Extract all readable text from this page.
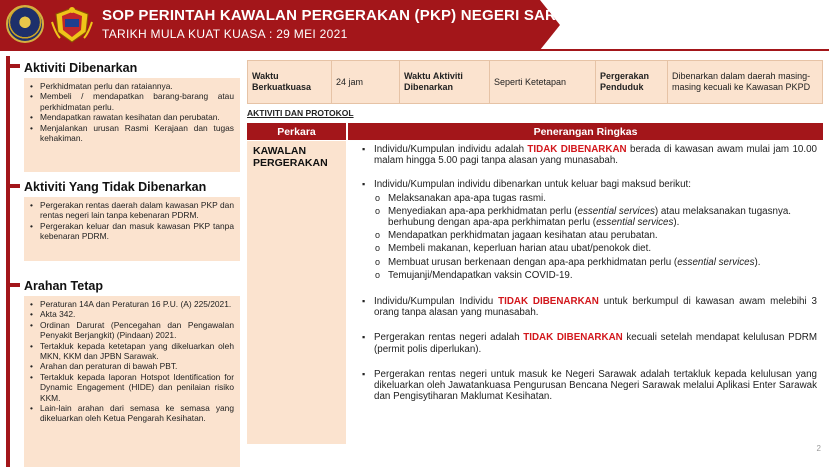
SOP PERINTAH KAWALAN PERGERAKAN (PKP) NEGERI SARAWAK
TARIKH MULA KUAT KUASA : 29 MEI 2021
Aktiviti Dibenarkan
• Perkhidmatan perlu dan rataiannya.
• Membeli / mendapatkan barang-barang atau perkhidmatan perlu.
• Mendapatkan rawatan kesihatan dan perubatan.
• Menjalankan urusan Rasmi Kerajaan dan tugas kehakiman.
Aktiviti Yang Tidak Dibenarkan
• Pergerakan rentas daerah dalam kawasan PKP dan rentas negeri lain tanpa kebenaran PDRM.
• Pergerakan keluar dan masuk kawasan PKP tanpa kebenaran PDRM.
Arahan Tetap
• Peraturan 14A dan Peraturan 16 P.U. (A) 225/2021.
• Akta 342.
• Ordinan Darurat (Pencegahan dan Pengawalan Penyakit Berjangkit) (Pindaan) 2021.
• Tertakluk kepada ketetapan yang dikeluarkan oleh MKN, KKM dan JPBN Sarawak.
• Arahan dan peraturan di bawah PBT.
• Tertakluk kepada laporan Hotspot Identification for Dynamic Engagement (HIDE) dan penilaian risiko KKM.
• Lain-lain arahan dari semasa ke semasa yang dikeluarkan oleh Ketua Pengarah Kesihatan.
Waktu Berkuatkuasa
24 jam
Waktu Aktiviti Dibenarkan
Seperti Ketetapan
Pergerakan Penduduk
Dibenarkan dalam daerah masing-masing kecuali ke Kawasan PKPD
AKTIVITI DAN PROTOKOL
Perkara	Penerangan Ringkas
KAWALAN
PERGERAKAN
▪ Individu/Kumpulan individu adalah TIDAK DIBENARKAN berada di kawasan awam mulai jam 10.00 malam hingga 5.00 pagi tanpa alasan yang munasabah.
▪ Individu/Kumpulan individu dibenarkan untuk keluar bagi maksud berikut:
o Melaksanakan apa-apa tugas rasmi.
o Menyediakan apa-apa perkhidmatan perlu (essential services) atau melaksanakan tugasnya. berhubung dengan apa-apa perkhimatan perlu (essential services).
o Mendapatkan perkhidmatan jagaan kesihatan atau perubatan.
o Membeli makanan, keperluan harian atau ubat/penokok diet.
o Membuat urusan berkenaan dengan apa-apa perkhidmatan perlu (essential services).
o Temujanji/Mendapatkan vaksin COVID-19.
▪ Individu/Kumpulan Individu TIDAK DIBENARKAN untuk berkumpul di kawasan awam melebihi 3 orang tanpa alasan yang munasabah.
▪ Pergerakan rentas negeri adalah TIDAK DIBENARKAN kecuali setelah mendapat kelulusan PDRM (permit polis diperlukan).
▪ Pergerakan rentas negeri untuk masuk ke Negeri Sarawak adalah tertakluk kepada kelulusan yang dikeluarkan oleh Jawatankuasa Pengurusan Bencana Negeri Sarawak melalui Aplikasi Enter Sarawak dan Pengisytiharan Maklumat Kesihatan.
2
